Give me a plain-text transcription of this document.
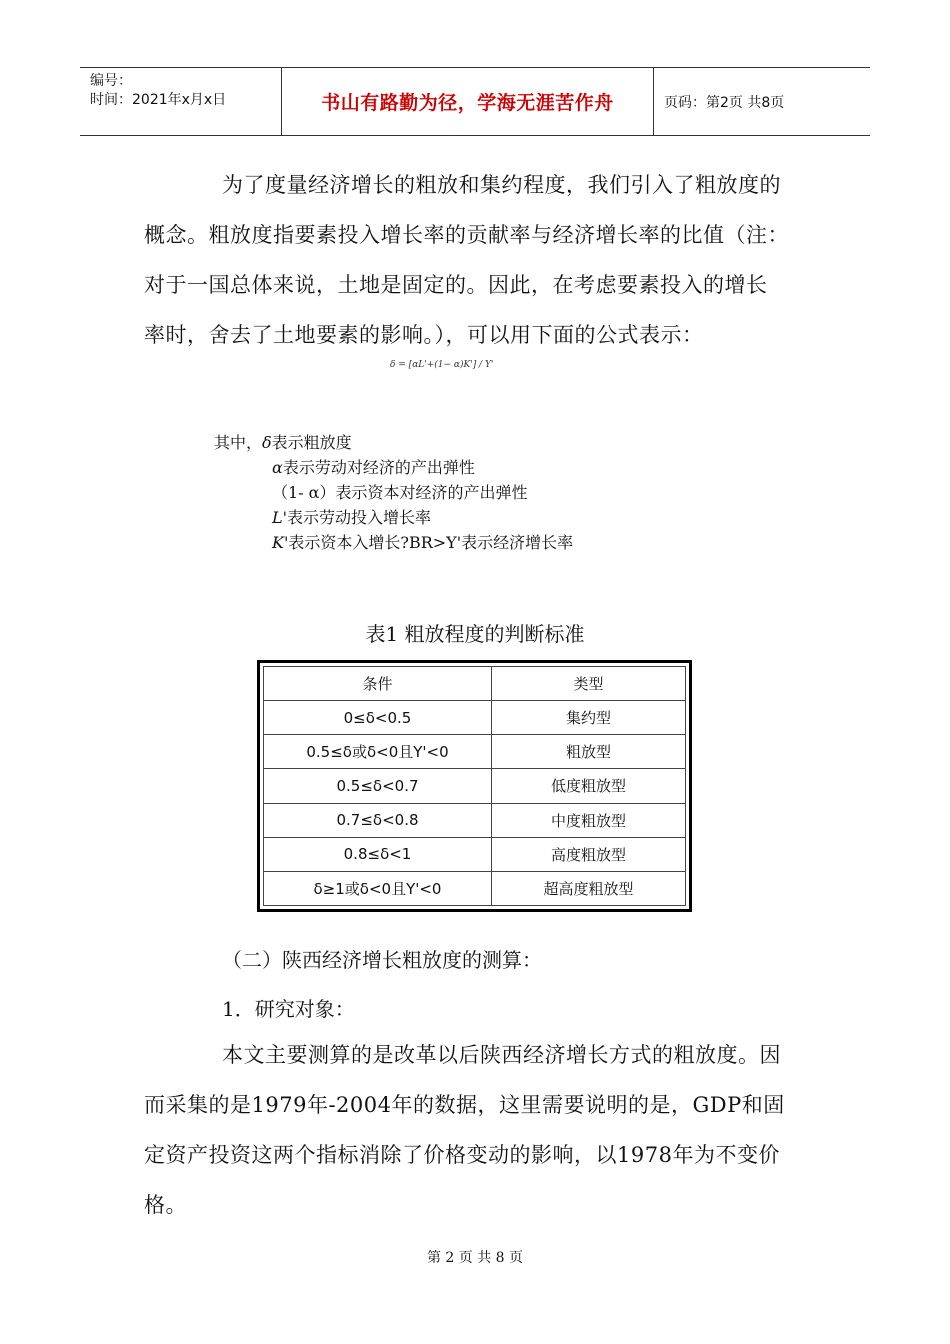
编号：
时间：2021年x月x日	书山有路勤为径，学海无涯苦作舟	页码：第2页 共8页
为了度量经济增长的粗放和集约程度，我们引入了粗放度的
概念。粗放度指要素投入增长率的贡献率与经济增长率的比值（注：
对于一国总体来说，土地是固定的。因此，在考虑要素投入的增长
率时，舍去了土地要素的影响。），可以用下面的公式表示：
δ = [αL'+(1− α)K'] / Y'
其中，δ表示粗放度
α表示劳动对经济的产出弹性
（1- α）表示资本对经济的产出弹性
L'表示劳动投入增长率
K'表示资本入增长?BR>Y'表示经济增长率
表1 粗放程度的判断标准
条件	类型
0≤δ<0.5	集约型
0.5≤δ或δ<0且Y'<0	粗放型
0.5≤δ<0.7	低度粗放型
0.7≤δ<0.8	中度粗放型
0.8≤δ<1	高度粗放型
δ≥1或δ<0且Y'<0	超高度粗放型
（二）陕西经济增长粗放度的测算：
1．研究对象：
本文主要测算的是改革以后陕西经济增长方式的粗放度。因
而采集的是1979年-2004年的数据，这里需要说明的是，GDP和固
定资产投资这两个指标消除了价格变动的影响，以1978年为不变价
格。
第 2 页 共 8 页
